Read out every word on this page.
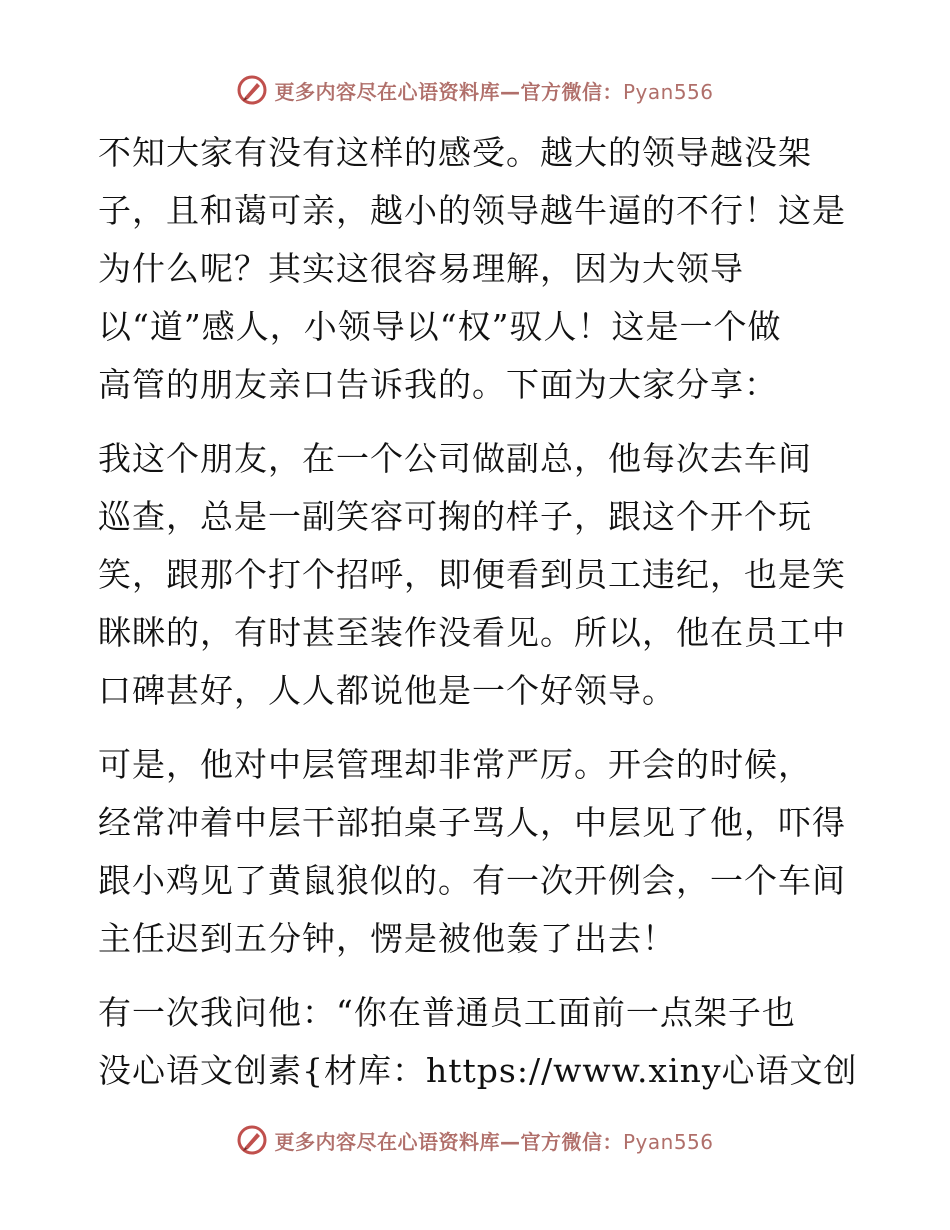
更多内容尽在心语资料库—官方微信：Pyan556
不知大家有没有这样的感受。越大的领导越没架
子，且和蔼可亲，越小的领导越牛逼的不行！这是
为什么呢？其实这很容易理解，因为大领导
以“道”感人，小领导以“权”驭人！这是一个做
高管的朋友亲口告诉我的。下面为大家分享：
我这个朋友，在一个公司做副总，他每次去车间
巡查，总是一副笑容可掬的样子，跟这个开个玩
笑，跟那个打个招呼，即便看到员工违纪，也是笑
眯眯的，有时甚至装作没看见。所以，他在员工中
口碑甚好，人人都说他是一个好领导。
可是，他对中层管理却非常严厉。开会的时候，
经常冲着中层干部拍桌子骂人，中层见了他，吓得
跟小鸡见了黄鼠狼似的。有一次开例会，一个车间
主任迟到五分钟，愣是被他轰了出去！
有一次我问他：“你在普通员工面前一点架子也
没心语文创素{材库：https://www.xiny心语文创
更多内容尽在心语资料库—官方微信：Pyan556
